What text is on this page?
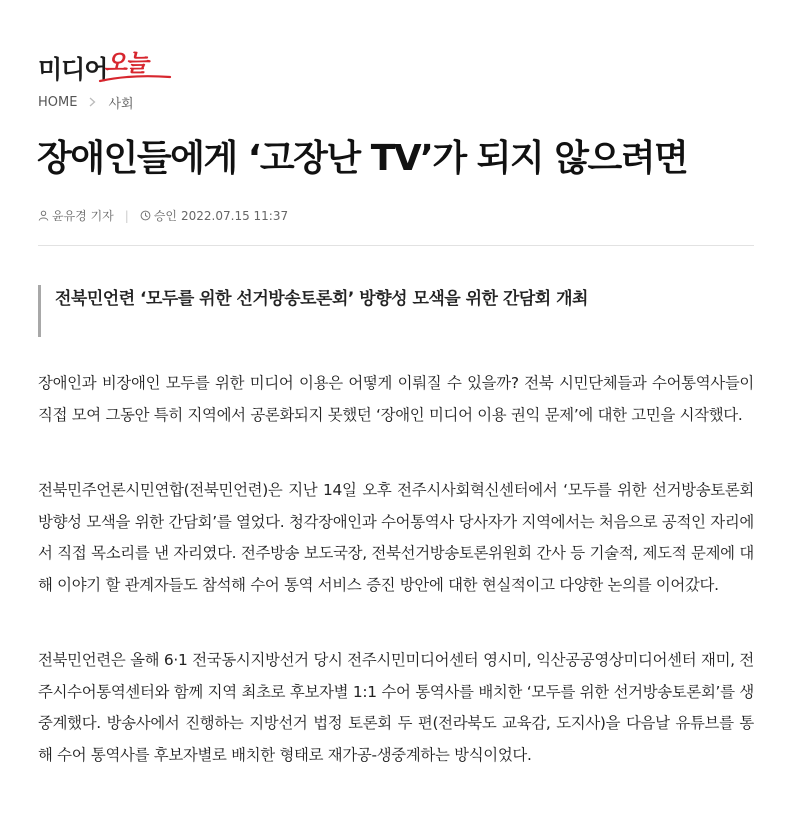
미디어
오늘
HOME 사회
장애인들에게 ‘고장난 TV’가 되지 않으려면
윤유경 기자 | 승인 2022.07.15 11:37
전북민언련 ‘모두를 위한 선거방송토론회’ 방향성 모색을 위한 간담회 개최

장애인과 비장애인 모두를 위한 미디어 이용은 어떻게 이뤄질 수 있을까? 전북 시민단체들과 수어통역사들이 직접 모여 그동안 특히 지역에서 공론화되지 못했던 ‘장애인 미디어 이용 권익 문제’에 대한 고민을 시작했다.

전북민주언론시민연합(전북민언련)은 지난 14일 오후 전주시사회혁신센터에서 ‘모두를 위한 선거방송토론회 방향성 모색을 위한 간담회’를 열었다. 청각장애인과 수어통역사 당사자가 지역에서는 처음으로 공적인 자리에서 직접 목소리를 낸 자리였다. 전주방송 보도국장, 전북선거방송토론위원회 간사 등 기술적, 제도적 문제에 대해 이야기 할 관계자들도 참석해 수어 통역 서비스 증진 방안에 대한 현실적이고 다양한 논의를 이어갔다.

전북민언련은 올해 6·1 전국동시지방선거 당시 전주시민미디어센터 영시미, 익산공공영상미디어센터 재미, 전주시수어통역센터와 함께 지역 최초로 후보자별 1:1 수어 통역사를 배치한 ‘모두를 위한 선거방송토론회’를 생중계했다. 방송사에서 진행하는 지방선거 법정 토론회 두 편(전라북도 교육감, 도지사)을 다음날 유튜브를 통해 수어 통역사를 후보자별로 배치한 형태로 재가공-생중계하는 방식이었다.
